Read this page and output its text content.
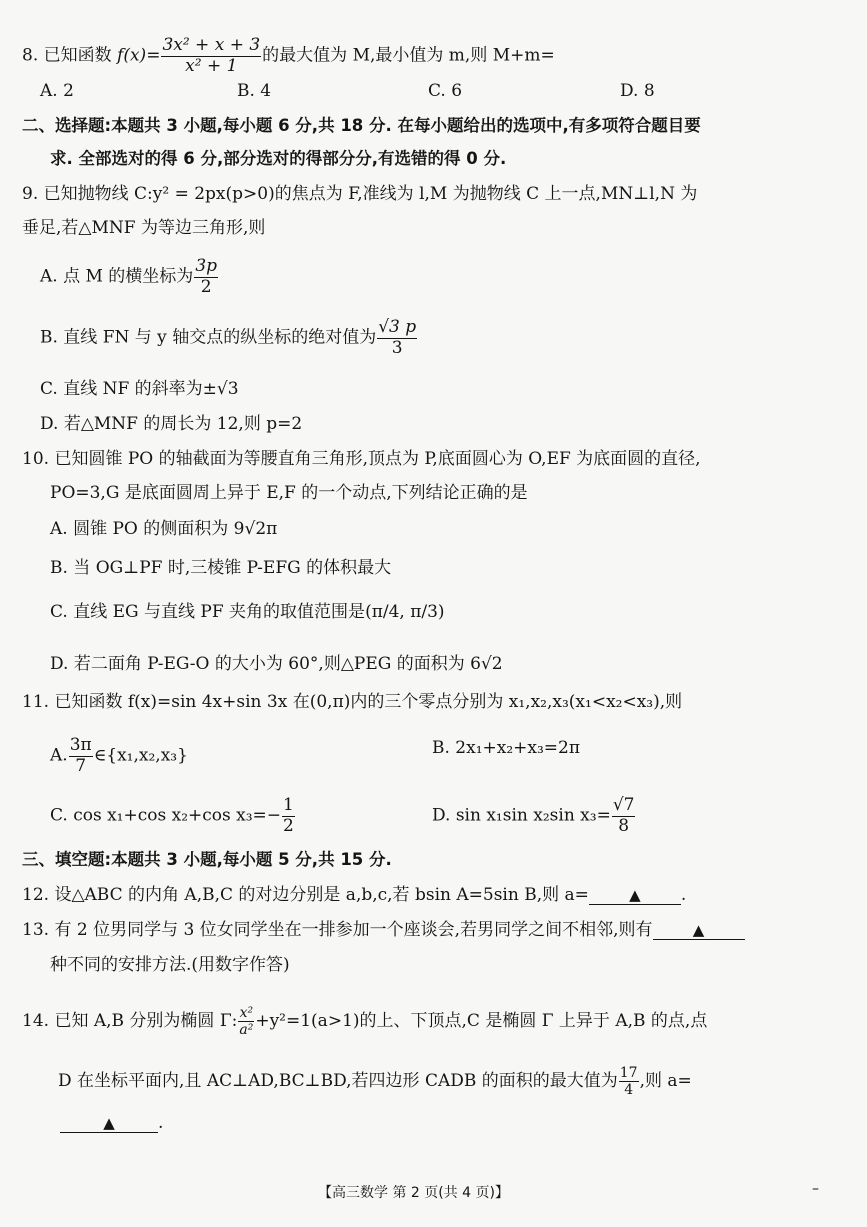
8. 已知函数 $f(x)= \frac{\text{3x² + x + 3}}{\text{x² + 1}}$ 的最大值为 M,最小值为 m,则 M+m=
A. 2	B. 4	C. 6	D. 8
二、选择题:本题共 3 小题,每小题 6 分,共 18 分. 在每小题给出的选项中,有多项符合题目要
求. 全部选对的得 6 分,部分选对的得部分分,有选错的得 0 分.
9. 已知抛物线 C:y² = 2px(p>0)的焦点为 F,准线为 l,M 为抛物线 C 上一点,MN⊥l,N 为
垂足,若△MNF 为等边三角形,则
A. 点 M 的横坐标为 $\frac{3p}{2}$
B. 直线 FN 与 y 轴交点的纵坐标的绝对值为 $\frac{√3 p}{3}$
C. 直线 NF 的斜率为±√3
D. 若△MNF 的周长为 12,则 p=2
10. 已知圆锥 PO 的轴截面为等腰直角三角形,顶点为 P,底面圆心为 O,EF 为底面圆的直径,
PO=3,G 是底面圆周上异于 E,F 的一个动点,下列结论正确的是
A. 圆锥 PO 的侧面积为 9√2π
B. 当 OG⊥PF 时,三棱锥 P-EFG 的体积最大
C. 直线 EG 与直线 PF 夹角的取值范围是(π/4, π/3)
D. 若二面角 P-EG-O 的大小为 60°,则△PEG 的面积为 6√2
11. 已知函数 f(x)=sin 4x+sin 3x 在(0,π)内的三个零点分别为 x₁,x₂,x₃(x₁<x₂<x₃),则
A. $\frac{3\pi}{7}$ ∈{x₁,x₂,x₃}	B. 2x₁+x₂+x₃=2π
C. cos x₁+cos x₂+cos $x_3=- \frac{1}{2}$	D. sin x₁sin x₂sin $x_3= \frac{√7}{8}$
三、填空题:本题共 3 小题,每小题 5 分,共 15 分.
12. 设△ABC 的内角 A,B,C 的对边分别是 a,b,c,若 bsin A=5sin B,则 a=	▲ .
13. 有 2 位男同学与 3 位女同学坐在一排参加一个座谈会,若男同学之间不相邻,则有	▲
种不同的安排方法.(用数字作答)
14. 已知 A,B 分别为椭圆 Γ: $\frac{\text{x²}}{\text{a²}} +y^2=1(a>1)$的上、下顶点,C 是椭圆 Γ 上异于 A,B 的点,点
D 在坐标平面内,且 AC⊥AD,BC⊥BD,若四边形 CADB 的面积的最大值为 $\frac{17}{4}$ ,则 a=
▲	.
【高三数学 第 2 页(共 4 页)】	–
